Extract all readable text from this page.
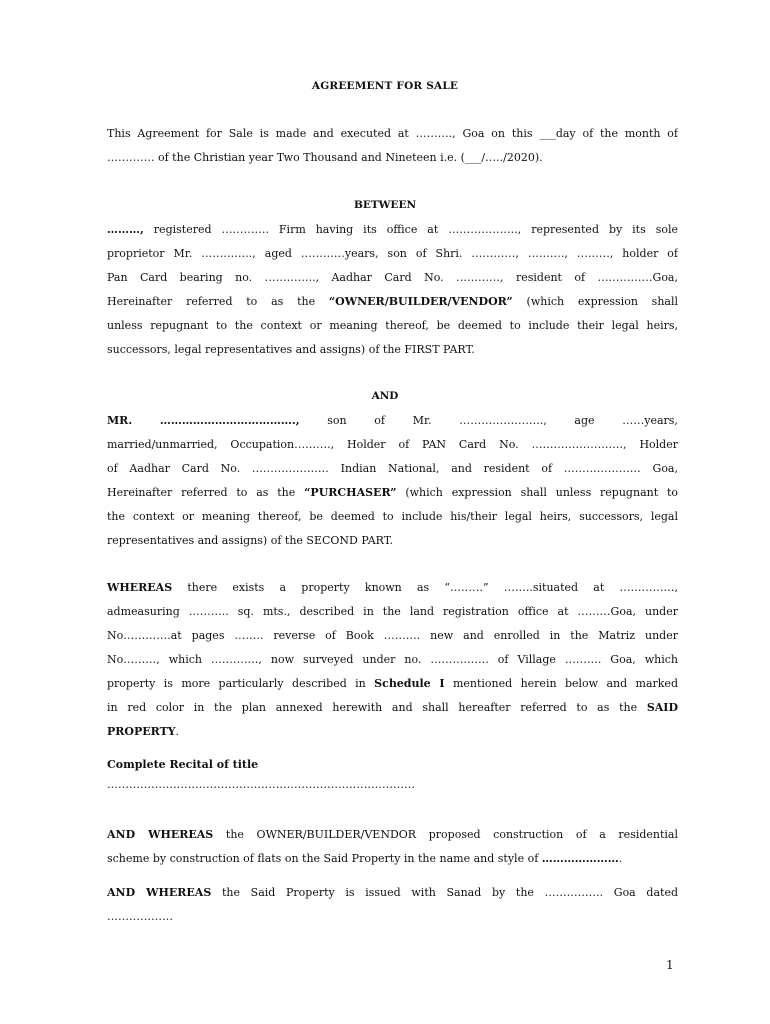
AGREEMENT FOR SALE
This Agreement for Sale is made and executed at ………., Goa on this ___day of the month of
…………. of the Christian year Two Thousand and Nineteen i.e. (___/…../2020).
BETWEEN
………, registered …………. Firm having its office at ………………., represented by its sole
proprietor Mr. ………….., aged …………years, son of Shri. …………, ………., ………, holder of
Pan Card bearing no. ………….., Aadhar Card No. …………, resident of ……………Goa,
Hereinafter referred to as the “OWNER/BUILDER/VENDOR” (which expression shall
unless repugnant to the context or meaning thereof, be deemed to include their legal heirs,
successors, legal representatives and assigns) of the FIRST PART.
AND
MR.	……………………………….,	son	of	Mr.	…………………..,	age	……years,
married/unmarried, Occupation………., Holder of PAN Card No. ……………………., Holder
of Aadhar Card No. ………………… Indian National, and resident of ………………… Goa,
Hereinafter referred to as the “PURCHASER” (which expression shall unless repugnant to
the context or meaning thereof, be deemed to include his/their legal heirs, successors, legal
representatives and assigns) of the SECOND PART.
WHEREAS there exists a property known as “………” ……..situated at ……………,
admeasuring ……….. sq. mts., described in the land registration office at ………Goa, under
No………….at pages …….. reverse of Book ………. new and enrolled in the Matriz under
No………, which …………., now surveyed under no. ……………. of Village ………. Goa, which
property is more particularly described in Schedule I mentioned herein below and marked
in red color in the plan annexed herewith and shall hereafter referred to as the SAID
PROPERTY.
Complete Recital of title
…………………………………………………………………………
AND WHEREAS the OWNER/BUILDER/VENDOR proposed construction of a residential
scheme by construction of flats on the Said Property in the name and style of ………………….
AND WHEREAS the Said Property is issued with Sanad by the ……………. Goa dated
………………
1
